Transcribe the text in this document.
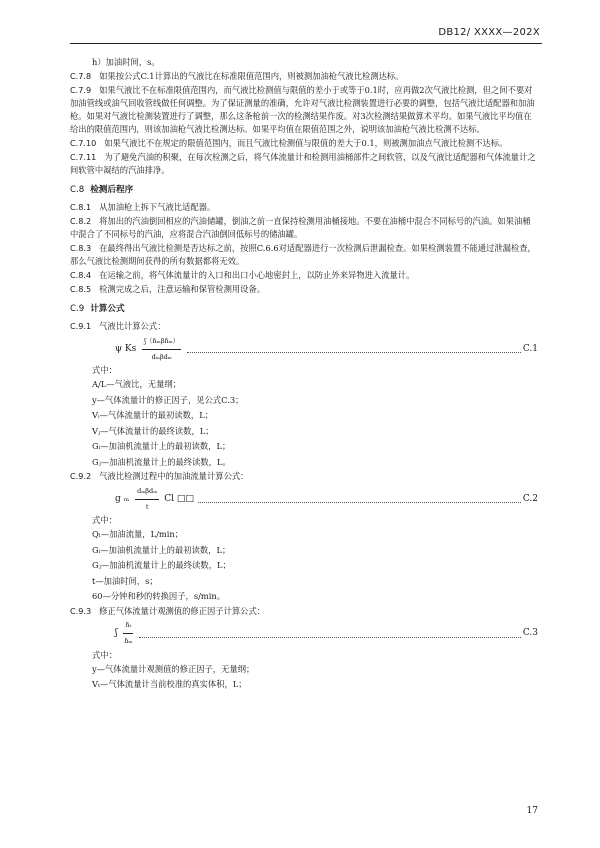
DB12/ XXXX—202X
h）加油时间，s。
C.7.8 如果按公式C.1计算出的气液比在标准限值范围内，则被测加油枪气液比检测达标。
C.7.9 如果气液比不在标准限值范围内，而气液比检测值与限值的差小于或等于0.1时，应再做2次气液比检测，但之间不要对加油管线或油气回收管线做任何调整。为了保证测量的准确，允许对气液比检测装置进行必要的调整，包括气液比适配器和加油枪。如果对气液比检测装置进行了调整，那么这条枪前一次的检测结果作废。对3次检测结果做算术平均。如果气液比平均值在给出的限值范围内，则该加油枪气液比检测达标。如果平均值在限值范围之外，说明该加油枪气液比检测不达标。
C.7.10 如果气液比不在规定的限值范围内，而且气液比检测值与限值的差大于0.1，则被测加油点气液比检测不达标。
C.7.11 为了避免汽油的积聚，在每次检测之后，将气体流量计和检测用油桶部件之间软管，以及气液比适配器和气体流量计之间软管中凝结的汽油排净。
C.8 检测后程序
C.8.1 从加油枪上拆下气液比适配器。
C.8.2 将加出的汽油倒回相应的汽油储罐，倒油之前一直保持检测用油桶接地。不要在油桶中混合不同标号的汽油。如果油桶中混合了不同标号的汽油，应将混合汽油倒回低标号的储油罐。
C.8.3 在最终得出气液比检测是否达标之前，按照C.6.6对适配器进行一次检测后泄漏检查。如果检测装置不能通过泄漏检查，那么气液比检测期间获得的所有数据都将无效。
C.8.4 在运输之前，将气体流量计的入口和出口小心地密封上，以防止外来异物进入流量计。
C.8.5 检测完成之后，注意运输和保管检测用设备。
C.9 计算公式
C.9.1 气液比计算公式：
ψ Ks $\frac{\text{ʃ（ɦₘβɦₘ）}}{\text{dₘβdₘ}}$	C.1
式中：
A/L—气液比，无量纲；
y—气体流量计的修正因子，见公式C.3；
Vᵢ—气体流量计的最初读数，L；
Vⱼ—气体流量计的最终读数，L；
Gᵢ—加油机流量计上的最初读数，L；
Gⱼ—加油机流量计上的最终读数，L。
C.9.2 气液比检测过程中的加油流量计算公式：
g ₘ $\frac{\text{dₘβdₘ}}{t}$ Cl □□	C.2
式中：
Qₗ—加油流量，L/min；
Gᵢ—加油机流量计上的最初读数，L；
Gⱼ—加油机流量计上的最终读数，L；
t—加油时间，s；
60—分钟和秒的转换因子，s/min。
C.9.3 修正气体流量计观测值的修正因子计算公式：
ʃ $\frac{\text{ɦₜ}}{\text{ɦₘ}}$	C.3
式中：
y—气体流量计观测值的修正因子，无量纲；
Vₜ—气体流量计当前校准的真实体积，L；
17
